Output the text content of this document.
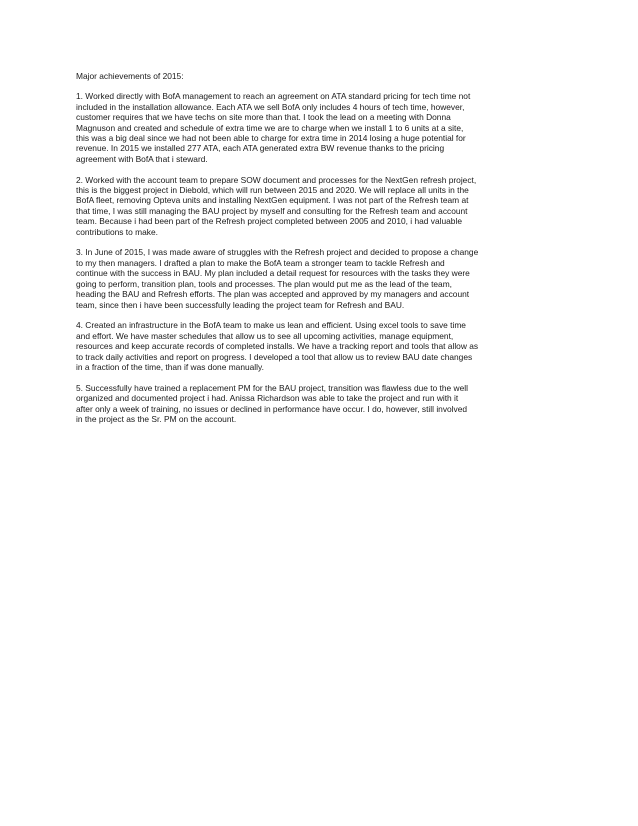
Major achievements of 2015:
1. Worked directly with BofA management to reach an agreement on ATA standard pricing for tech time not
included in the installation allowance. Each ATA we sell BofA only includes 4 hours of tech time, however,
customer requires that we have techs on site more than that. I took the lead on a meeting with Donna
Magnuson and created and schedule of extra time we are to charge when we install 1 to 6 units at a site,
this was a big deal since we had not been able to charge for extra time in 2014 losing a huge potential for
revenue. In 2015 we installed 277 ATA, each ATA generated extra BW revenue thanks to the pricing
agreement with BofA that i steward.
2. Worked with the account team to prepare SOW document and processes for the NextGen refresh project,
this is the biggest project in Diebold, which will run between 2015 and 2020. We will replace all units in the
BofA fleet, removing Opteva units and installing NextGen equipment. I was not part of the Refresh team at
that time, I was still managing the BAU project by myself and consulting for the Refresh team and account
team. Because i had been part of the Refresh project completed between 2005 and 2010, i had valuable
contributions to make.
3. In June of 2015, I was made aware of struggles with the Refresh project and decided to propose a change
to my then managers. I drafted a plan to make the BofA team a stronger team to tackle Refresh and
continue with the success in BAU. My plan included a detail request for resources with the tasks they were
going to perform, transition plan, tools and processes. The plan would put me as the lead of the team,
heading the BAU and Refresh efforts. The plan was accepted and approved by my managers and account
team, since then i have been successfully leading the project team for Refresh and BAU.
4. Created an infrastructure in the BofA team to make us lean and efficient. Using excel tools to save time
and effort. We have master schedules that allow us to see all upcoming activities, manage equipment,
resources and keep accurate records of completed installs. We have a tracking report and tools that allow as
to track daily activities and report on progress. I developed a tool that allow us to review BAU date changes
in a fraction of the time, than if was done manually.
5. Successfully have trained a replacement PM for the BAU project, transition was flawless due to the well
organized and documented project i had. Anissa Richardson was able to take the project and run with it
after only a week of training, no issues or declined in performance have occur. I do, however, still involved
in the project as the Sr. PM on the account.
